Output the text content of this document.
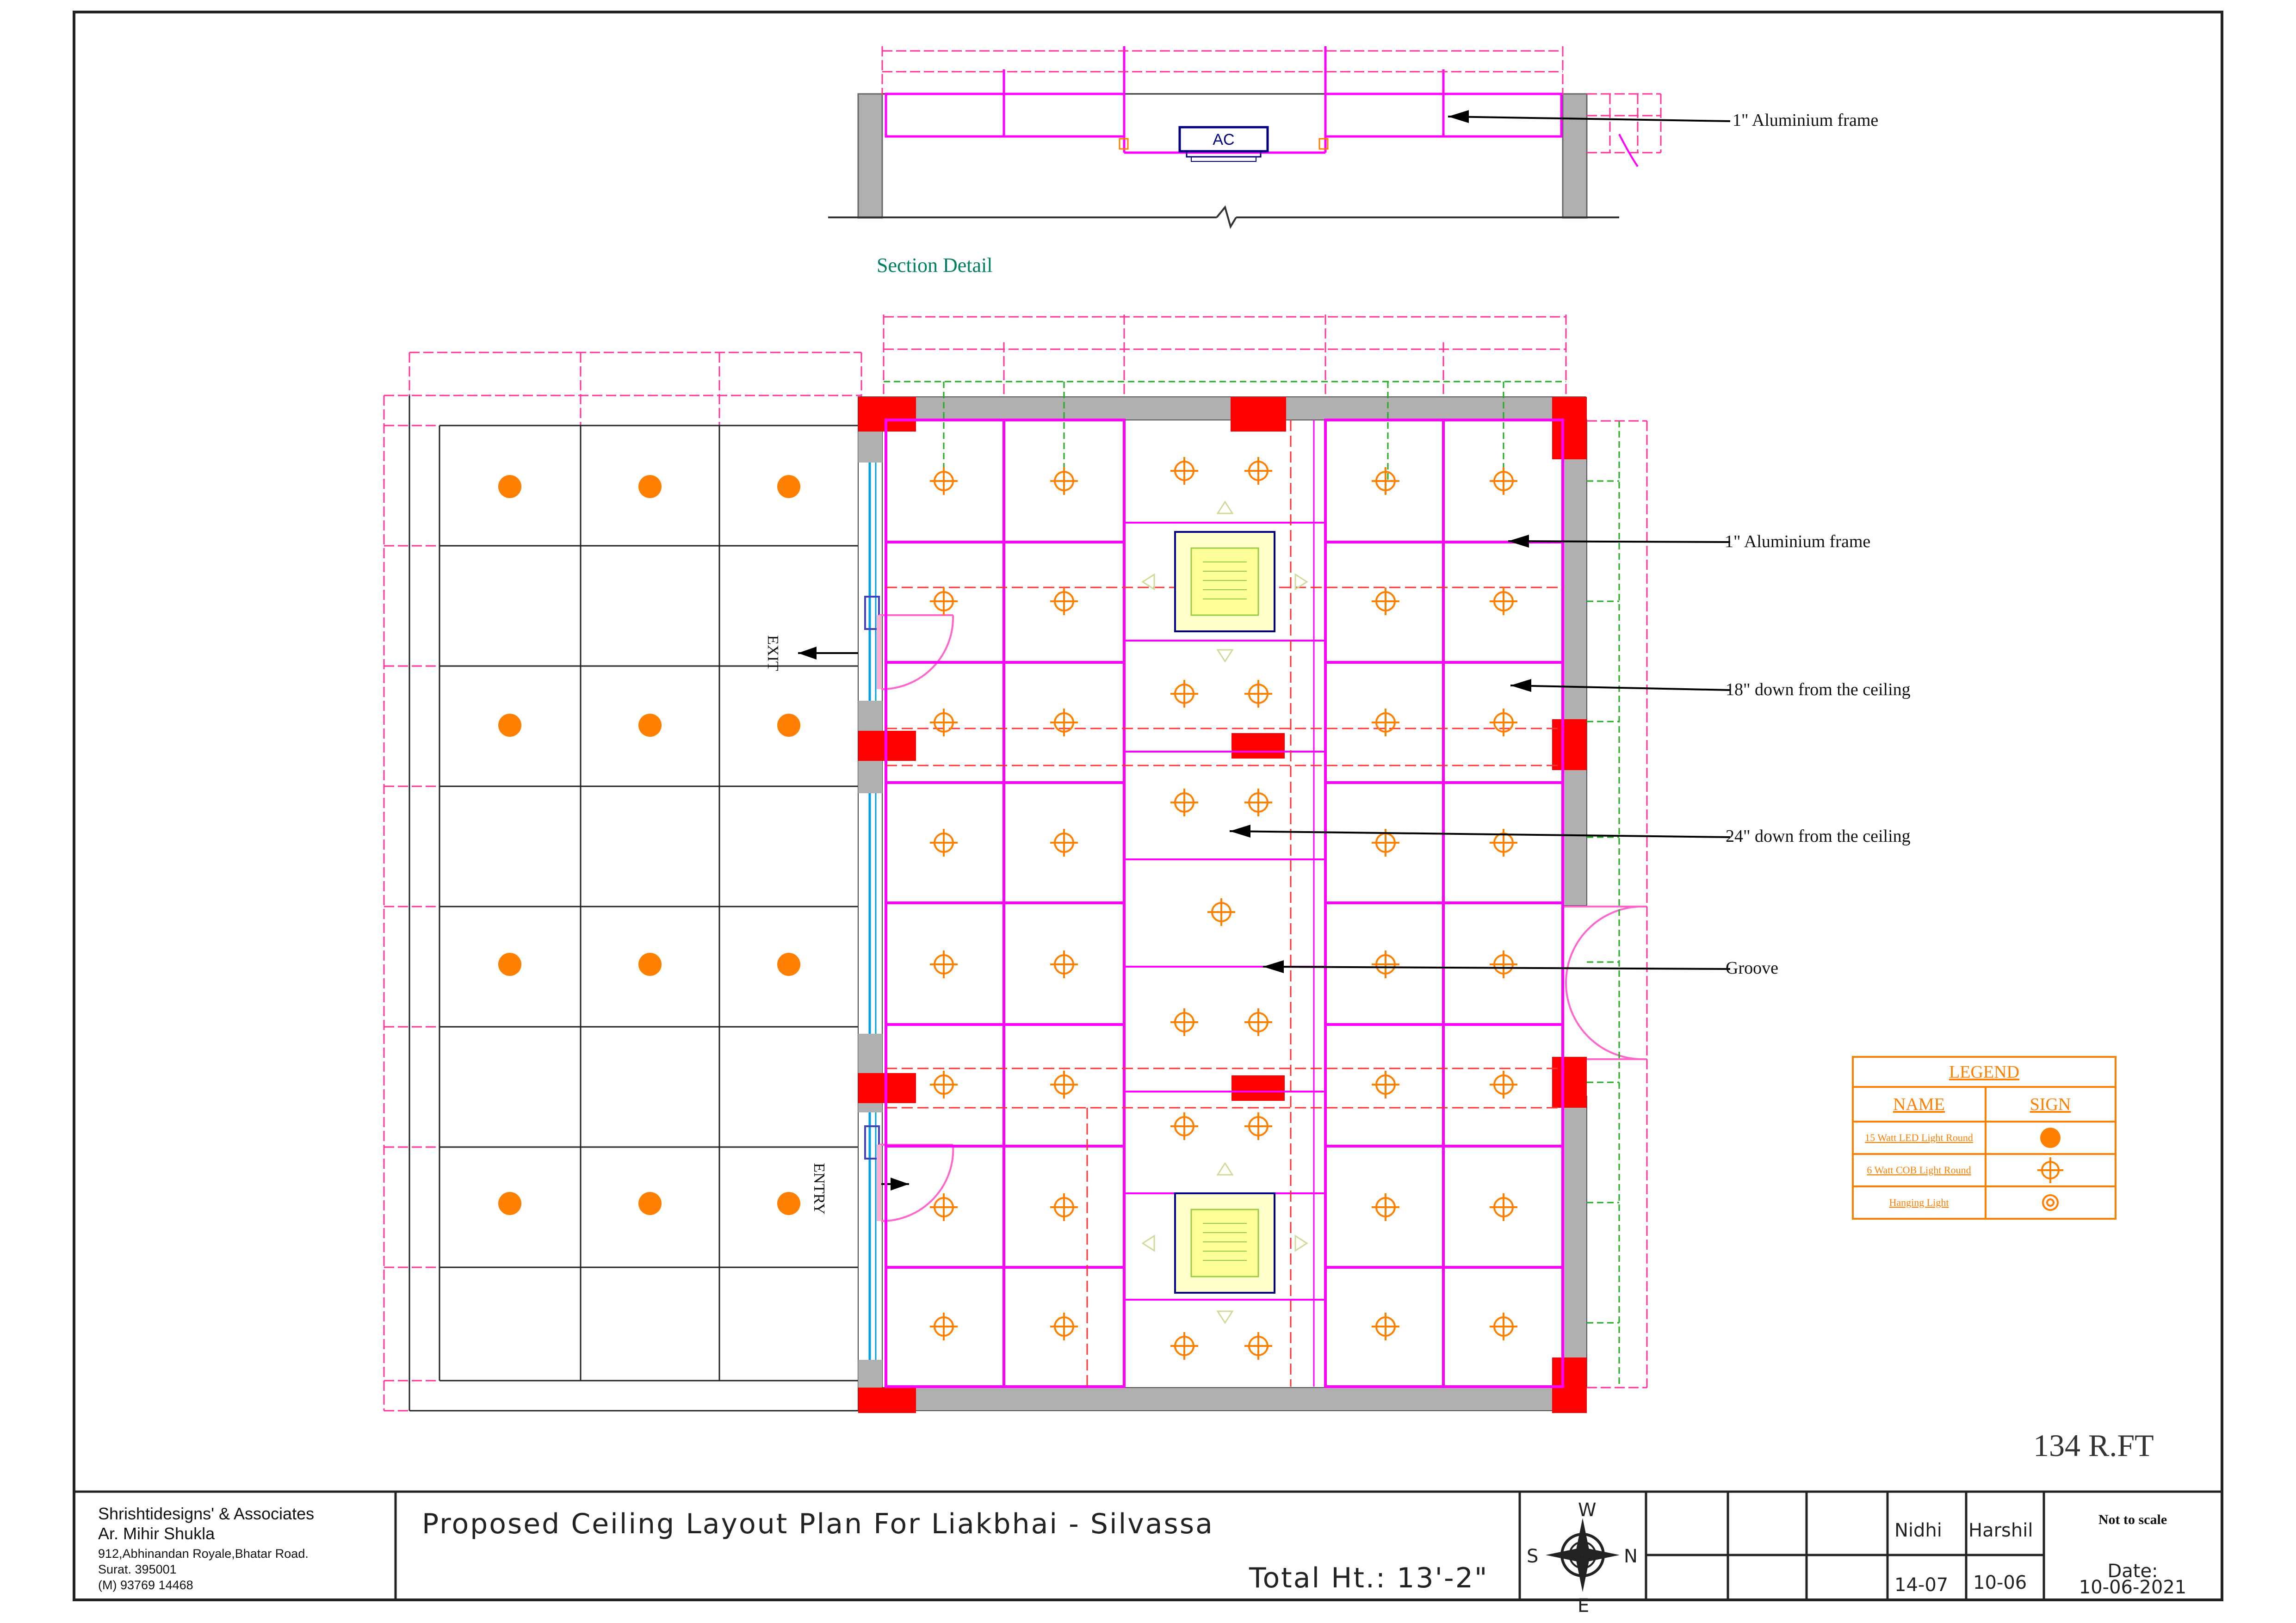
AC
1" Aluminium frame
Section Detail
EXIT
ENTRY
1" Aluminium frame
18" down from the ceiling
24" down from the ceiling
Groove
134 R.FT
LEGEND
NAME	SIGN
15 Watt LED Light Round
6 Watt COB Light Round
Hanging Light
Shrishtidesigns' & Associates
Ar. Mihir Shukla
912,Abhinandan Royale,Bhatar Road.
Surat. 395001
(M) 93769 14468
Proposed Ceiling Layout Plan For Liakbhai - Silvassa
Total Ht.: 13'-2"
W
E
S	N
Nidhi
14-07
Harshil
10-06
Not to scale
Date:
10-06-2021
